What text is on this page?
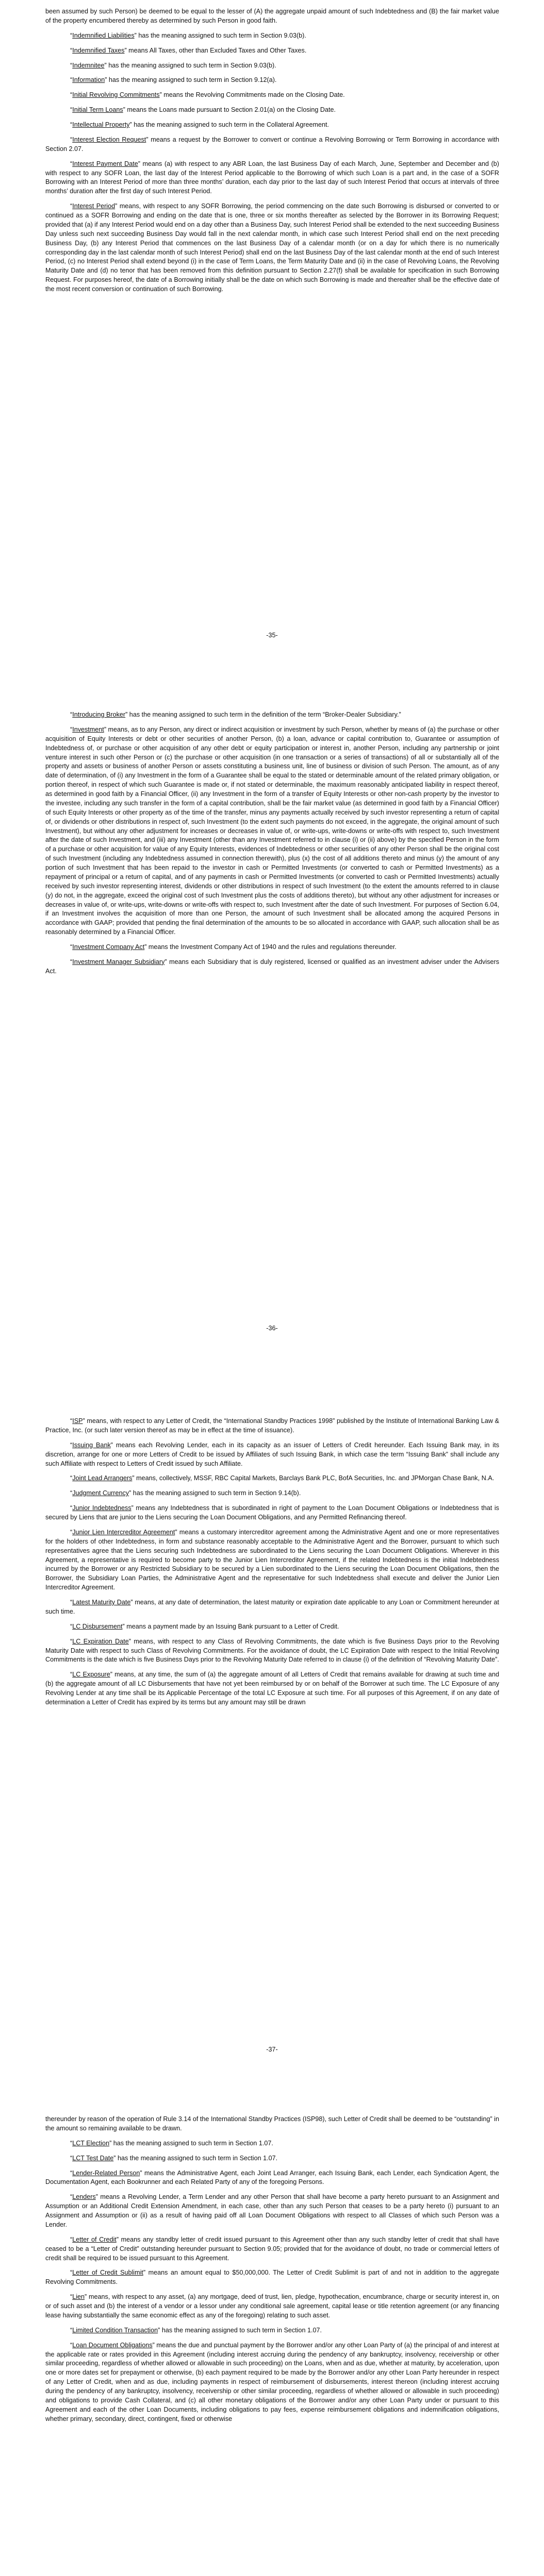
been assumed by such Person) be deemed to be equal to the lesser of (A) the aggregate unpaid amount of such Indebtedness and (B) the fair market value of the property encumbered thereby as determined by such Person in good faith.

“Indemnified Liabilities” has the meaning assigned to such term in Section 9.03(b).

“Indemnified Taxes” means All Taxes, other than Excluded Taxes and Other Taxes.

“Indemnitee” has the meaning assigned to such term in Section 9.03(b).

“Information” has the meaning assigned to such term in Section 9.12(a).

“Initial Revolving Commitments” means the Revolving Commitments made on the Closing Date.

“Initial Term Loans” means the Loans made pursuant to Section 2.01(a) on the Closing Date.

“Intellectual Property” has the meaning assigned to such term in the Collateral Agreement.

“Interest Election Request” means a request by the Borrower to convert or continue a Revolving Borrowing or Term Borrowing in accordance with Section 2.07.

“Interest Payment Date” means (a) with respect to any ABR Loan, the last Business Day of each March, June, September and December and (b) with respect to any SOFR Loan, the last day of the Interest Period applicable to the Borrowing of which such Loan is a part and, in the case of a SOFR Borrowing with an Interest Period of more than three months’ duration, each day prior to the last day of such Interest Period that occurs at intervals of three months’ duration after the first day of such Interest Period.

“Interest Period” means, with respect to any SOFR Borrowing, the period commencing on the date such Borrowing is disbursed or converted to or continued as a SOFR Borrowing and ending on the date that is one, three or six months thereafter as selected by the Borrower in its Borrowing Request; provided that (a) if any Interest Period would end on a day other than a Business Day, such Interest Period shall be extended to the next succeeding Business Day unless such next succeeding Business Day would fall in the next calendar month, in which case such Interest Period shall end on the next preceding Business Day, (b) any Interest Period that commences on the last Business Day of a calendar month (or on a day for which there is no numerically corresponding day in the last calendar month of such Interest Period) shall end on the last Business Day of the last calendar month at the end of such Interest Period, (c) no Interest Period shall extend beyond (i) in the case of Term Loans, the Term Maturity Date and (ii) in the case of Revolving Loans, the Revolving Maturity Date and (d) no tenor that has been removed from this definition pursuant to Section 2.27(f) shall be available for specification in such Borrowing Request. For purposes hereof, the date of a Borrowing initially shall be the date on which such Borrowing is made and thereafter shall be the effective date of the most recent conversion or continuation of such Borrowing.

-35-

“Introducing Broker” has the meaning assigned to such term in the definition of the term “Broker-Dealer Subsidiary.”

“Investment” means, as to any Person, any direct or indirect acquisition or investment by such Person, whether by means of (a) the purchase or other acquisition of Equity Interests or debt or other securities of another Person, (b) a loan, advance or capital contribution to, Guarantee or assumption of Indebtedness of, or purchase or other acquisition of any other debt or equity participation or interest in, another Person, including any partnership or joint venture interest in such other Person or (c) the purchase or other acquisition (in one transaction or a series of transactions) of all or substantially all of the property and assets or business of another Person or assets constituting a business unit, line of business or division of such Person. The amount, as of any date of determination, of (i) any Investment in the form of a Guarantee shall be equal to the stated or determinable amount of the related primary obligation, or portion thereof, in respect of which such Guarantee is made or, if not stated or determinable, the maximum reasonably anticipated liability in respect thereof, as determined in good faith by a Financial Officer, (ii) any Investment in the form of a transfer of Equity Interests or other non-cash property by the investor to the investee, including any such transfer in the form of a capital contribution, shall be the fair market value (as determined in good faith by a Financial Officer) of such Equity Interests or other property as of the time of the transfer, minus any payments actually received by such investor representing a return of capital of, or dividends or other distributions in respect of, such Investment (to the extent such payments do not exceed, in the aggregate, the original amount of such Investment), but without any other adjustment for increases or decreases in value of, or write-ups, write-downs or write-offs with respect to, such Investment after the date of such Investment, and (iii) any Investment (other than any Investment referred to in clause (i) or (ii) above) by the specified Person in the form of a purchase or other acquisition for value of any Equity Interests, evidences of Indebtedness or other securities of any other Person shall be the original cost of such Investment (including any Indebtedness assumed in connection therewith), plus (x) the cost of all additions thereto and minus (y) the amount of any portion of such Investment that has been repaid to the investor in cash or Permitted Investments (or converted to cash or Permitted Investments) as a repayment of principal or a return of capital, and of any payments in cash or Permitted Investments (or converted to cash or Permitted Investments) actually received by such investor representing interest, dividends or other distributions in respect of such Investment (to the extent the amounts referred to in clause (y) do not, in the aggregate, exceed the original cost of such Investment plus the costs of additions thereto), but without any other adjustment for increases or decreases in value of, or write-ups, write-downs or write-offs with respect to, such Investment after the date of such Investment. For purposes of Section 6.04, if an Investment involves the acquisition of more than one Person, the amount of such Investment shall be allocated among the acquired Persons in accordance with GAAP; provided that pending the final determination of the amounts to be so allocated in accordance with GAAP, such allocation shall be as reasonably determined by a Financial Officer.

“Investment Company Act” means the Investment Company Act of 1940 and the rules and regulations thereunder.

“Investment Manager Subsidiary” means each Subsidiary that is duly registered, licensed or qualified as an investment adviser under the Advisers Act.

-36-

“ISP” means, with respect to any Letter of Credit, the “International Standby Practices 1998” published by the Institute of International Banking Law & Practice, Inc. (or such later version thereof as may be in effect at the time of issuance).

“Issuing Bank” means each Revolving Lender, each in its capacity as an issuer of Letters of Credit hereunder. Each Issuing Bank may, in its discretion, arrange for one or more Letters of Credit to be issued by Affiliates of such Issuing Bank, in which case the term “Issuing Bank” shall include any such Affiliate with respect to Letters of Credit issued by such Affiliate.

“Joint Lead Arrangers” means, collectively, MSSF, RBC Capital Markets, Barclays Bank PLC, BofA Securities, Inc. and JPMorgan Chase Bank, N.A.

“Judgment Currency” has the meaning assigned to such term in Section 9.14(b).

“Junior Indebtedness” means any Indebtedness that is subordinated in right of payment to the Loan Document Obligations or Indebtedness that is secured by Liens that are junior to the Liens securing the Loan Document Obligations, and any Permitted Refinancing thereof.

“Junior Lien Intercreditor Agreement” means a customary intercreditor agreement among the Administrative Agent and one or more representatives for the holders of other Indebtedness, in form and substance reasonably acceptable to the Administrative Agent and the Borrower, pursuant to which such representatives agree that the Liens securing such Indebtedness are subordinated to the Liens securing the Loan Document Obligations. Wherever in this Agreement, a representative is required to become party to the Junior Lien Intercreditor Agreement, if the related Indebtedness is the initial Indebtedness incurred by the Borrower or any Restricted Subsidiary to be secured by a Lien subordinated to the Liens securing the Loan Document Obligations, then the Borrower, the Subsidiary Loan Parties, the Administrative Agent and the representative for such Indebtedness shall execute and deliver the Junior Lien Intercreditor Agreement.

“Latest Maturity Date” means, at any date of determination, the latest maturity or expiration date applicable to any Loan or Commitment hereunder at such time.

“LC Disbursement” means a payment made by an Issuing Bank pursuant to a Letter of Credit.

“LC Expiration Date” means, with respect to any Class of Revolving Commitments, the date which is five Business Days prior to the Revolving Maturity Date with respect to such Class of Revolving Commitments. For the avoidance of doubt, the LC Expiration Date with respect to the Initial Revolving Commitments is the date which is five Business Days prior to the Revolving Maturity Date referred to in clause (i) of the definition of “Revolving Maturity Date”.

“LC Exposure” means, at any time, the sum of (a) the aggregate amount of all Letters of Credit that remains available for drawing at such time and (b) the aggregate amount of all LC Disbursements that have not yet been reimbursed by or on behalf of the Borrower at such time. The LC Exposure of any Revolving Lender at any time shall be its Applicable Percentage of the total LC Exposure at such time. For all purposes of this Agreement, if on any date of determination a Letter of Credit has expired by its terms but any amount may still be drawn

-37-

thereunder by reason of the operation of Rule 3.14 of the International Standby Practices (ISP98), such Letter of Credit shall be deemed to be “outstanding” in the amount so remaining available to be drawn.

“LCT Election” has the meaning assigned to such term in Section 1.07.

“LCT Test Date” has the meaning assigned to such term in Section 1.07.

“Lender-Related Person” means the Administrative Agent, each Joint Lead Arranger, each Issuing Bank, each Lender, each Syndication Agent, the Documentation Agent, each Bookrunner and each Related Party of any of the foregoing Persons.

“Lenders” means a Revolving Lender, a Term Lender and any other Person that shall have become a party hereto pursuant to an Assignment and Assumption or an Additional Credit Extension Amendment, in each case, other than any such Person that ceases to be a party hereto (i) pursuant to an Assignment and Assumption or (ii) as a result of having paid off all Loan Document Obligations with respect to all Classes of which such Person was a Lender.

“Letter of Credit” means any standby letter of credit issued pursuant to this Agreement other than any such standby letter of credit that shall have ceased to be a “Letter of Credit” outstanding hereunder pursuant to Section 9.05; provided that for the avoidance of doubt, no trade or commercial letters of credit shall be required to be issued pursuant to this Agreement.

“Letter of Credit Sublimit” means an amount equal to $50,000,000. The Letter of Credit Sublimit is part of and not in addition to the aggregate Revolving Commitments.

“Lien” means, with respect to any asset, (a) any mortgage, deed of trust, lien, pledge, hypothecation, encumbrance, charge or security interest in, on or of such asset and (b) the interest of a vendor or a lessor under any conditional sale agreement, capital lease or title retention agreement (or any financing lease having substantially the same economic effect as any of the foregoing) relating to such asset.

“Limited Condition Transaction” has the meaning assigned to such term in Section 1.07.

“Loan Document Obligations” means the due and punctual payment by the Borrower and/or any other Loan Party of (a) the principal of and interest at the applicable rate or rates provided in this Agreement (including interest accruing during the pendency of any bankruptcy, insolvency, receivership or other similar proceeding, regardless of whether allowed or allowable in such proceeding) on the Loans, when and as due, whether at maturity, by acceleration, upon one or more dates set for prepayment or otherwise, (b) each payment required to be made by the Borrower and/or any other Loan Party hereunder in respect of any Letter of Credit, when and as due, including payments in respect of reimbursement of disbursements, interest thereon (including interest accruing during the pendency of any bankruptcy, insolvency, receivership or other similar proceeding, regardless of whether allowed or allowable in such proceeding) and obligations to provide Cash Collateral, and (c) all other monetary obligations of the Borrower and/or any other Loan Party under or pursuant to this Agreement and each of the other Loan Documents, including obligations to pay fees, expense reimbursement obligations and indemnification obligations, whether primary, secondary, direct, contingent, fixed or otherwise
